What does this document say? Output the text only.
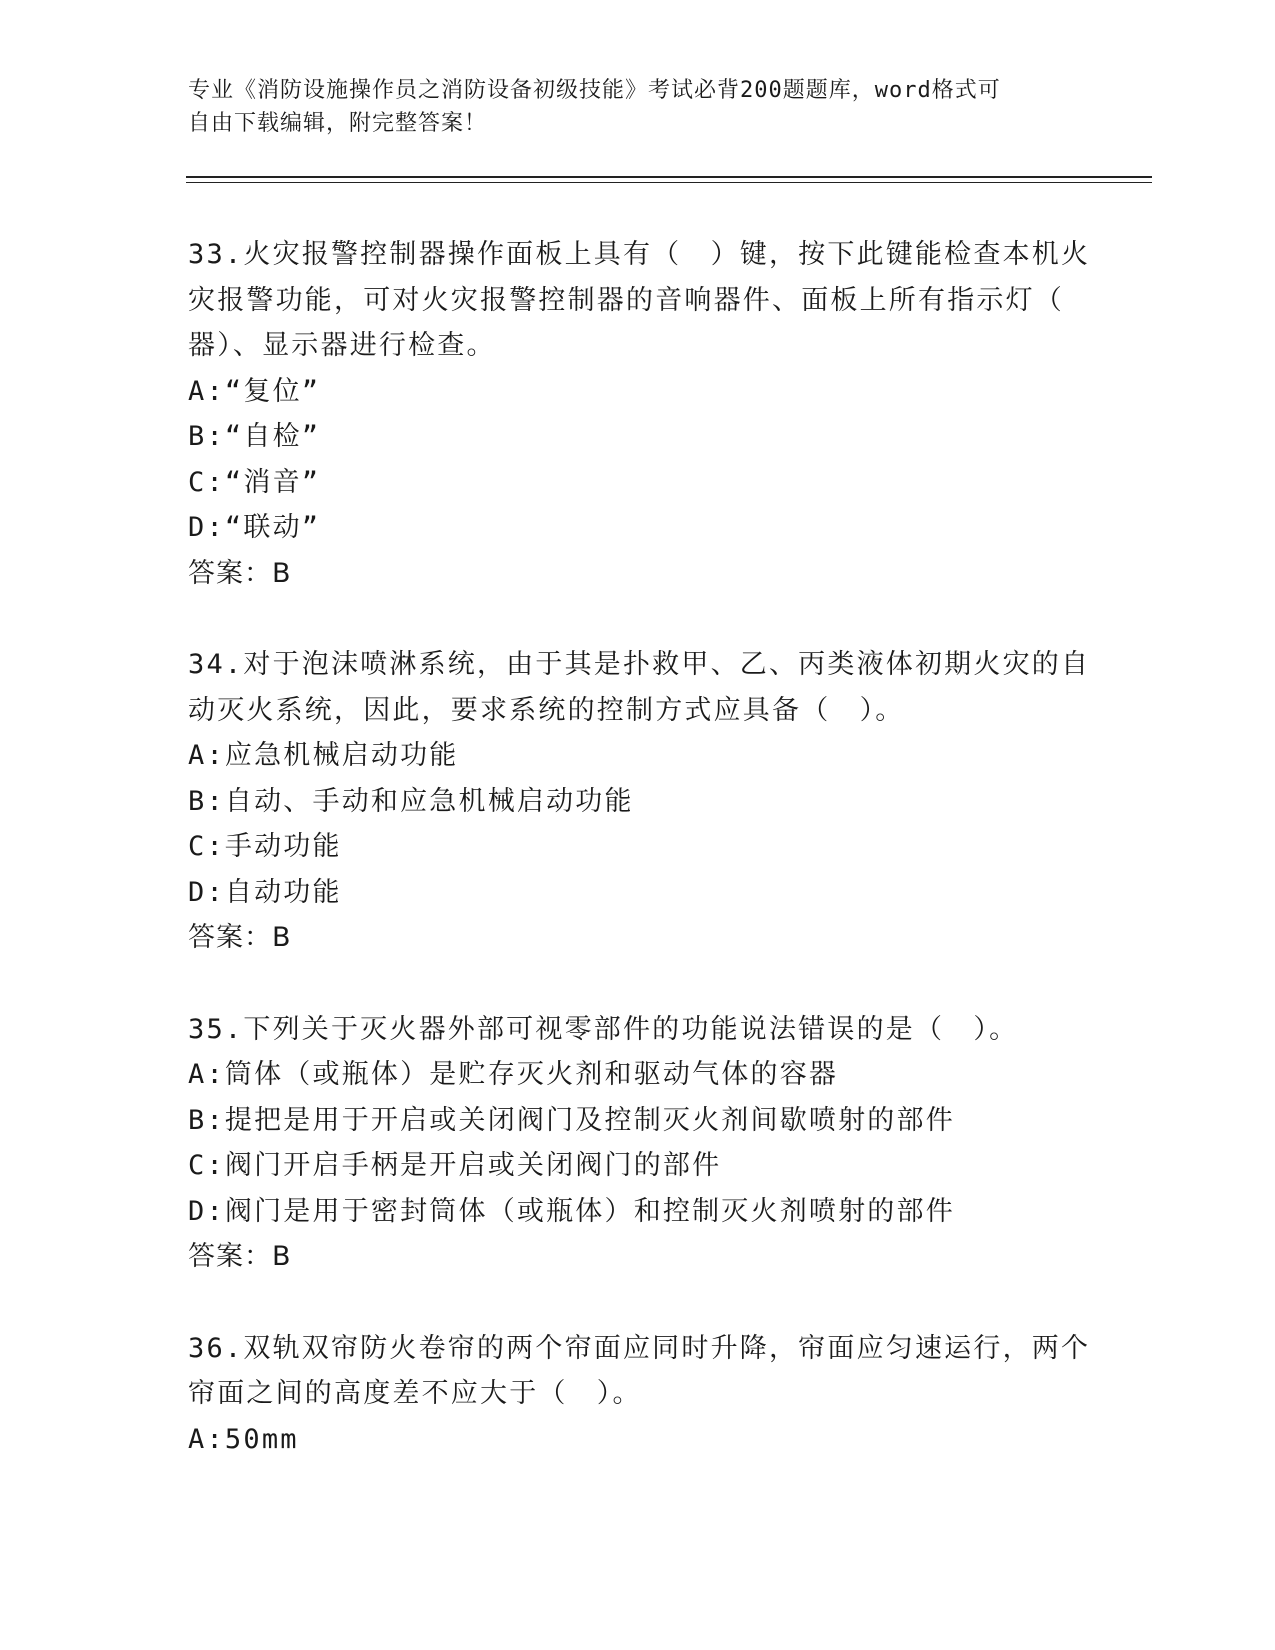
专业《消防设施操作员之消防设备初级技能》考试必背200题题库，word格式可
自由下载编辑，附完整答案！
33.火灾报警控制器操作面板上具有（　）键，按下此键能检查本机火
灾报警功能，可对火灾报警控制器的音响器件、面板上所有指示灯（
器）、显示器进行检查。
A:“复位”
B:“自检”
C:“消音”
D:“联动”
答案：B
34.对于泡沫喷淋系统，由于其是扑救甲、乙、丙类液体初期火灾的自
动灭火系统，因此，要求系统的控制方式应具备（　）。
A:应急机械启动功能
B:自动、手动和应急机械启动功能
C:手动功能
D:自动功能
答案：B
35.下列关于灭火器外部可视零部件的功能说法错误的是（　）。
A:筒体（或瓶体）是贮存灭火剂和驱动气体的容器
B:提把是用于开启或关闭阀门及控制灭火剂间歇喷射的部件
C:阀门开启手柄是开启或关闭阀门的部件
D:阀门是用于密封筒体（或瓶体）和控制灭火剂喷射的部件
答案：B
36.双轨双帘防火卷帘的两个帘面应同时升降，帘面应匀速运行，两个
帘面之间的高度差不应大于（　）。
A:50mm
